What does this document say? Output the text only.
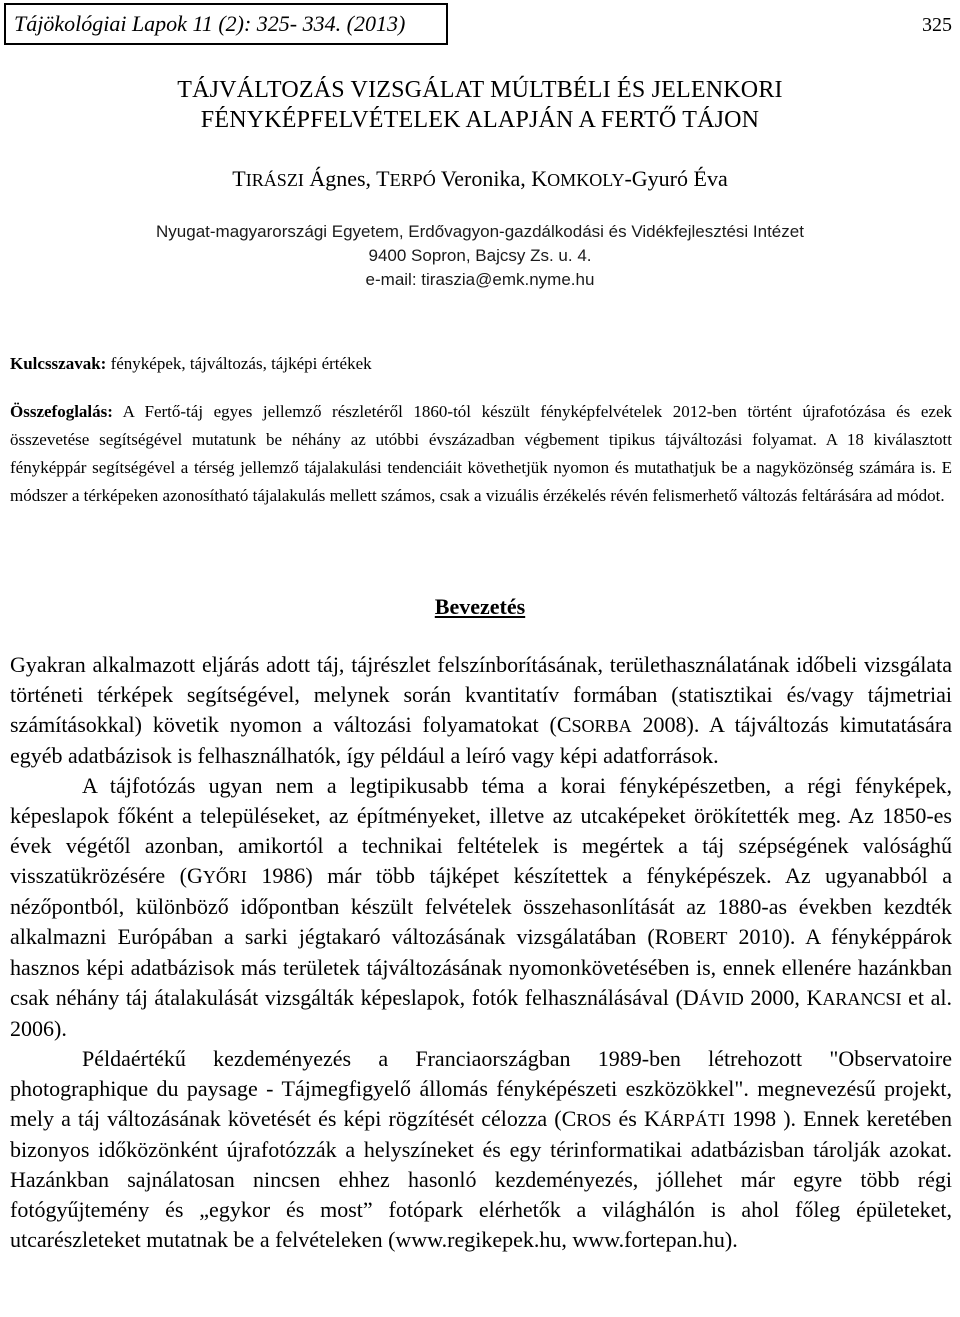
Tájökológiai Lapok 11 (2): 325- 334. (2013)	325
TÁJVÁLTOZÁS VIZSGÁLAT MÚLTBÉLI ÉS JELENKORI
FÉNYKÉPFELVÉTELEK ALAPJÁN A FERTŐ TÁJON
TIRÁSZI Ágnes, TERPÓ Veronika, KOMKOLY-Gyuró Éva
Nyugat-magyarországi Egyetem, Erdővagyon-gazdálkodási és Vidékfejlesztési Intézet
9400 Sopron, Bajcsy Zs. u. 4.
e-mail: tiraszia@emk.nyme.hu
Kulcsszavak: fényképek, tájváltozás, tájképi értékek
Összefoglalás: A Fertő-táj egyes jellemző részletéről 1860-tól készült fényképfelvételek 2012-ben történt újrafotózása és ezek összevetése segítségével mutatunk be néhány az utóbbi évszázadban végbement tipikus tájváltozási folyamat. A 18 kiválasztott fényképpár segítségével a térség jellemző tájalakulási tendenciáit követhetjük nyomon és mutathatjuk be a nagyközönség számára is. E módszer a térképeken azonosítható tájalakulás mellett számos, csak a vizuális érzékelés révén felismerhető változás feltárására ad módot.
Bevezetés

Gyakran alkalmazott eljárás adott táj, tájrészlet felszínborításának, területhasználatának időbeli vizsgálata történeti térképek segítségével, melynek során kvantitatív formában (statisztikai és/vagy tájmetriai számításokkal) követik nyomon a változási folyamatokat (CSORBA 2008). A tájváltozás kimutatására egyéb adatbázisok is felhasználhatók, így például a leíró vagy képi adatforrások.

A tájfotózás ugyan nem a legtipikusabb téma a korai fényképészetben, a régi fényképek, képeslapok főként a településeket, az építményeket, illetve az utcaképeket örökítették meg. Az 1850-es évek végétől azonban, amikortól a technikai feltételek is megértek a táj szépségének valósághű visszatükrözésére (GYŐRI 1986) már több tájképet készítettek a fényképészek. Az ugyanabból a nézőpontból, különböző időpontban készült felvételek összehasonlítását az 1880-as években kezdték alkalmazni Európában a sarki jégtakaró változásának vizsgálatában (ROBERT 2010). A fényképpárok hasznos képi adatbázisok más területek tájváltozásának nyomonkövetésében is, ennek ellenére hazánkban csak néhány táj átalakulását vizsgálták képeslapok, fotók felhasználásával (DÁVID 2000, KARANCSI et al. 2006).

Példaértékű kezdeményezés a Franciaországban 1989-ben létrehozott "Observatoire photographique du paysage - Tájmegfigyelő állomás fényképészeti eszközökkel". megnevezésű projekt, mely a táj változásának követését és képi rögzítését célozza (CROS és KÁRPÁTI 1998 ). Ennek keretében bizonyos időközönként újrafotózzák a helyszíneket és egy térinformatikai adatbázisban tárolják azokat. Hazánkban sajnálatosan nincsen ehhez hasonló kezdeményezés, jóllehet már egyre több régi fotógyűjtemény és „egykor és most” fotópark elérhetők a világhálón is ahol főleg épületeket, utcarészleteket mutatnak be a felvételeken (www.regikepek.hu, www.fortepan.hu).
